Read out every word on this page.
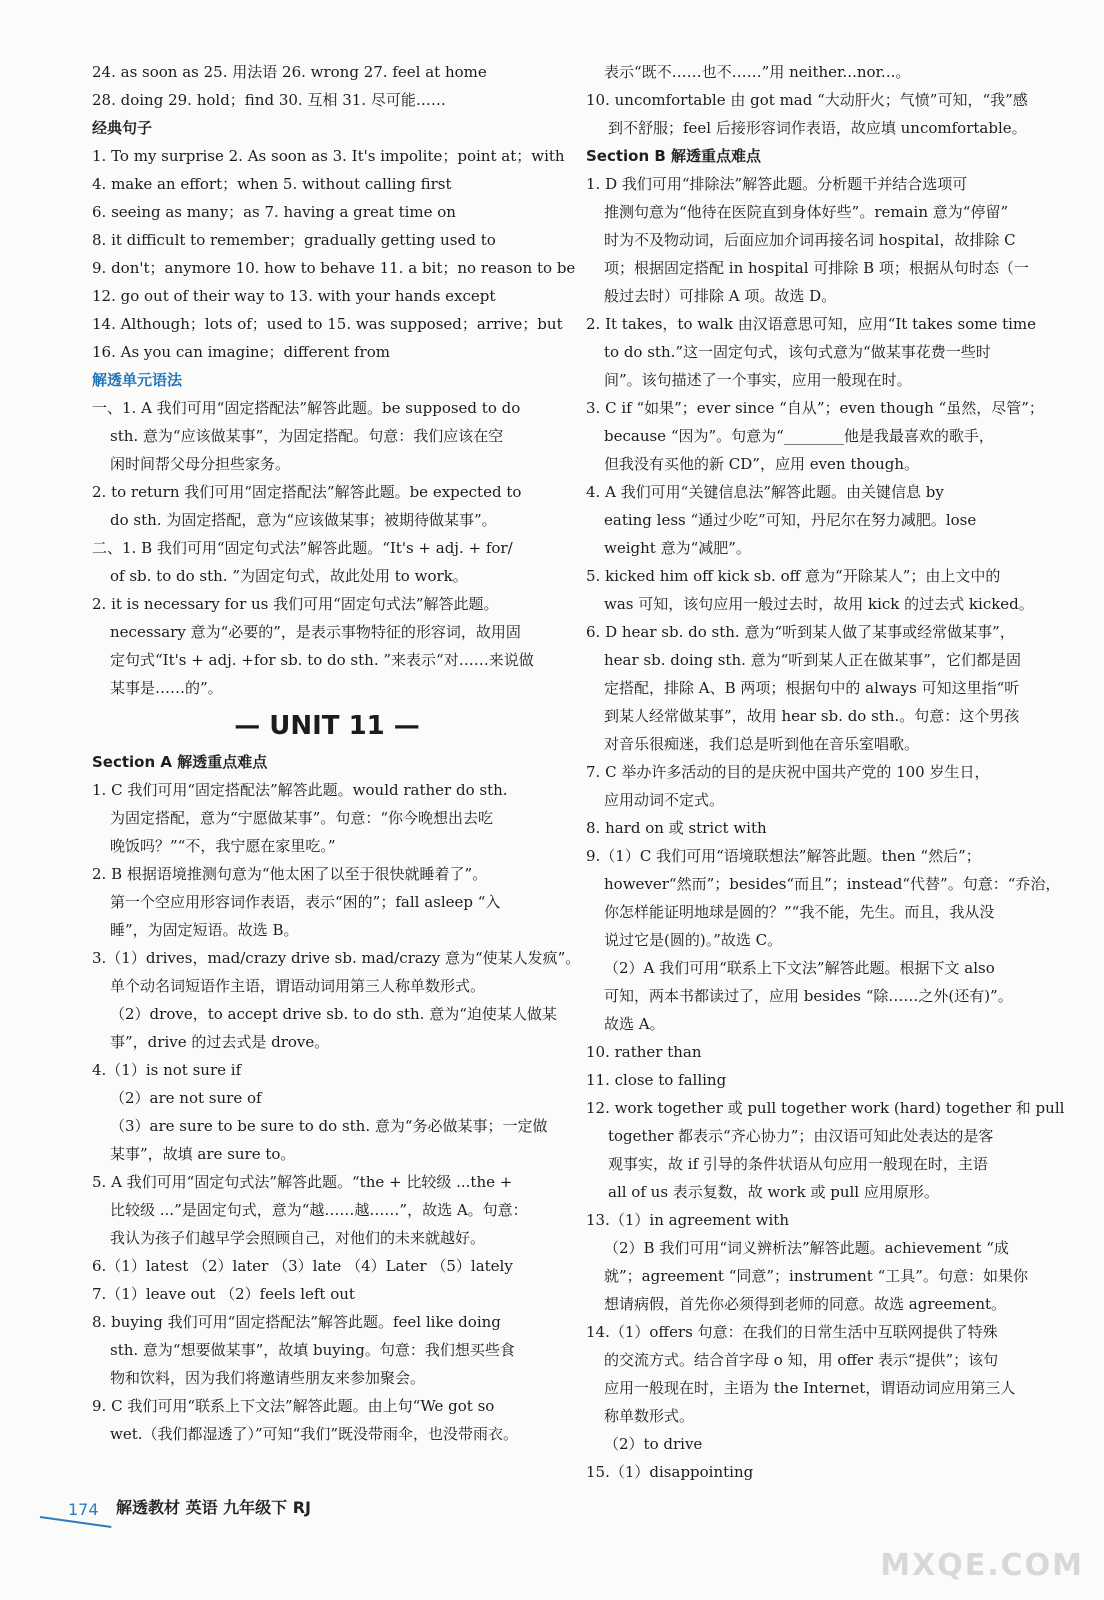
24. as soon as 25. 用法语 26. wrong 27. feel at home
28. doing 29. hold；find 30. 互相 31. 尽可能……
经典句子
1. To my surprise 2. As soon as 3. It's impolite；point at；with
4. make an effort；when 5. without calling first
6. seeing as many；as 7. having a great time on
8. it difficult to remember；gradually getting used to
9. don't；anymore 10. how to behave 11. a bit；no reason to be
12. go out of their way to 13. with your hands except
14. Although；lots of；used to 15. was supposed；arrive；but
16. As you can imagine；different from
解透单元语法
一、1. A 我们可用“固定搭配法”解答此题。be supposed to do
sth. 意为“应该做某事”，为固定搭配。句意：我们应该在空
闲时间帮父母分担些家务。
2. to return 我们可用“固定搭配法”解答此题。be expected to
do sth. 为固定搭配，意为“应该做某事；被期待做某事”。
二、1. B 我们可用“固定句式法”解答此题。“It's + adj. + for/
of sb. to do sth. ”为固定句式，故此处用 to work。
2. it is necessary for us 我们可用“固定句式法”解答此题。
necessary 意为“必要的”，是表示事物特征的形容词，故用固
定句式“It's + adj. +for sb. to do sth. ”来表示“对……来说做
某事是……的”。
— UNIT 11 —
Section A 解透重点难点
1. C 我们可用“固定搭配法”解答此题。would rather do sth.
为固定搭配，意为“宁愿做某事”。句意：“你今晚想出去吃
晚饭吗？”“不，我宁愿在家里吃。”
2. B 根据语境推测句意为“他太困了以至于很快就睡着了”。
第一个空应用形容词作表语，表示“困的”；fall asleep “入
睡”，为固定短语。故选 B。
3.（1）drives，mad/crazy drive sb. mad/crazy 意为“使某人发疯”。
单个动名词短语作主语，谓语动词用第三人称单数形式。
（2）drove，to accept drive sb. to do sth. 意为“迫使某人做某
事”，drive 的过去式是 drove。
4.（1）is not sure if
（2）are not sure of
（3）are sure to be sure to do sth. 意为“务必做某事；一定做
某事”，故填 are sure to。
5. A 我们可用“固定句式法”解答此题。“the + 比较级 ...the +
比较级 ...”是固定句式，意为“越……越……”，故选 A。句意：
我认为孩子们越早学会照顾自己，对他们的未来就越好。
6.（1）latest （2）later （3）late （4）Later （5）lately
7.（1）leave out （2）feels left out
8. buying 我们可用“固定搭配法”解答此题。feel like doing
sth. 意为“想要做某事”，故填 buying。句意：我们想买些食
物和饮料，因为我们将邀请些朋友来参加聚会。
9. C 我们可用“联系上下文法”解答此题。由上句“We got so
wet.（我们都湿透了）”可知“我们”既没带雨伞，也没带雨衣。
表示“既不……也不……”用 neither...nor...。
10. uncomfortable 由 got mad “大动肝火；气愤”可知，“我”感
到不舒服；feel 后接形容词作表语，故应填 uncomfortable。
Section B 解透重点难点
1. D 我们可用“排除法”解答此题。分析题干并结合选项可
推测句意为“他待在医院直到身体好些”。remain 意为“停留”
时为不及物动词，后面应加介词再接名词 hospital，故排除 C
项；根据固定搭配 in hospital 可排除 B 项；根据从句时态（一
般过去时）可排除 A 项。故选 D。
2. It takes，to walk 由汉语意思可知，应用“It takes some time
to do sth.”这一固定句式，该句式意为“做某事花费一些时
间”。该句描述了一个事实，应用一般现在时。
3. C if “如果”；ever since “自从”；even though “虽然，尽管”；
because “因为”。句意为“________他是我最喜欢的歌手，
但我没有买他的新 CD”，应用 even though。
4. A 我们可用“关键信息法”解答此题。由关键信息 by
eating less “通过少吃”可知，丹尼尔在努力减肥。lose
weight 意为“减肥”。
5. kicked him off kick sb. off 意为“开除某人”；由上文中的
was 可知，该句应用一般过去时，故用 kick 的过去式 kicked。
6. D hear sb. do sth. 意为“听到某人做了某事或经常做某事”，
hear sb. doing sth. 意为“听到某人正在做某事”，它们都是固
定搭配，排除 A、B 两项；根据句中的 always 可知这里指“听
到某人经常做某事”，故用 hear sb. do sth.。句意：这个男孩
对音乐很痴迷，我们总是听到他在音乐室唱歌。
7. C 举办许多活动的目的是庆祝中国共产党的 100 岁生日，
应用动词不定式。
8. hard on 或 strict with
9.（1）C 我们可用“语境联想法”解答此题。then “然后”；
however“然而”；besides“而且”；instead“代替”。句意：“乔治，
你怎样能证明地球是圆的？”“我不能，先生。而且，我从没
说过它是(圆的)。”故选 C。
（2）A 我们可用“联系上下文法”解答此题。根据下文 also
可知，两本书都读过了，应用 besides “除……之外(还有)”。
故选 A。
10. rather than
11. close to falling
12. work together 或 pull together work (hard) together 和 pull
together 都表示“齐心协力”；由汉语可知此处表达的是客
观事实，故 if 引导的条件状语从句应用一般现在时，主语
all of us 表示复数，故 work 或 pull 应用原形。
13.（1）in agreement with
（2）B 我们可用“词义辨析法”解答此题。achievement “成
就”；agreement “同意”；instrument “工具”。句意：如果你
想请病假，首先你必须得到老师的同意。故选 agreement。
14.（1）offers 句意：在我们的日常生活中互联网提供了特殊
的交流方式。结合首字母 o 知，用 offer 表示“提供”；该句
应用一般现在时，主语为 the Internet，谓语动词应用第三人
称单数形式。
（2）to drive
15.（1）disappointing
174 解透教材 英语 九年级下 RJ
MXQE.COM
